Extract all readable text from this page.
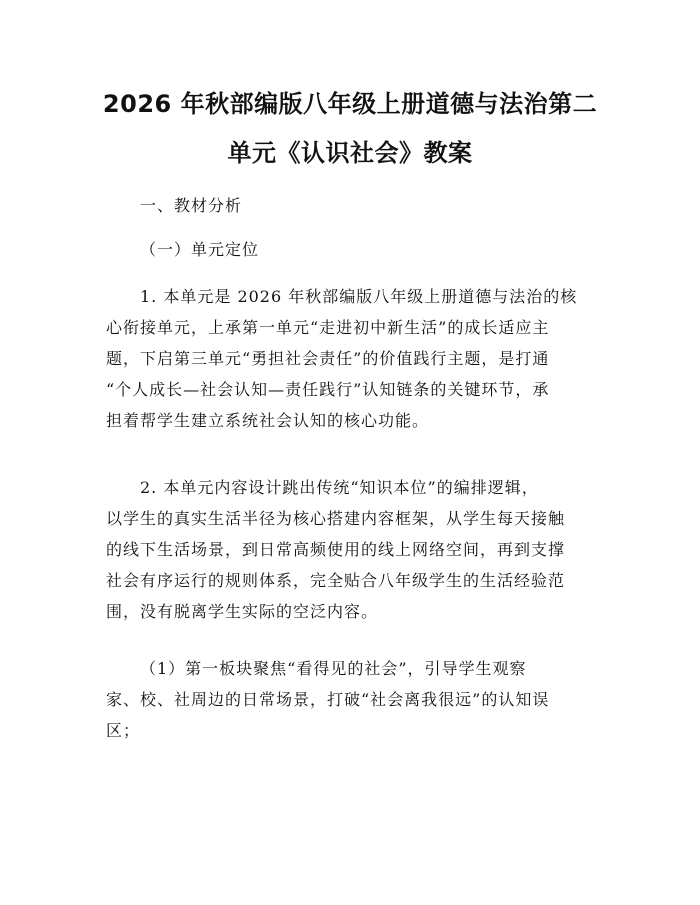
2026 年秋部编版八年级上册道德与法治第二
单元《认识社会》教案
一、教材分析
（一）单元定位
1. 本单元是 2026 年秋部编版八年级上册道德与法治的核
心衔接单元，上承第一单元“走进初中新生活”的成长适应主
题，下启第三单元“勇担社会责任”的价值践行主题，是打通
“个人成长—社会认知—责任践行”认知链条的关键环节，承
担着帮学生建立系统社会认知的核心功能。
2. 本单元内容设计跳出传统“知识本位”的编排逻辑，
以学生的真实生活半径为核心搭建内容框架，从学生每天接触
的线下生活场景，到日常高频使用的线上网络空间，再到支撑
社会有序运行的规则体系，完全贴合八年级学生的生活经验范
围，没有脱离学生实际的空泛内容。
（1）第一板块聚焦“看得见的社会”，引导学生观察
家、校、社周边的日常场景，打破“社会离我很远”的认知误
区；
